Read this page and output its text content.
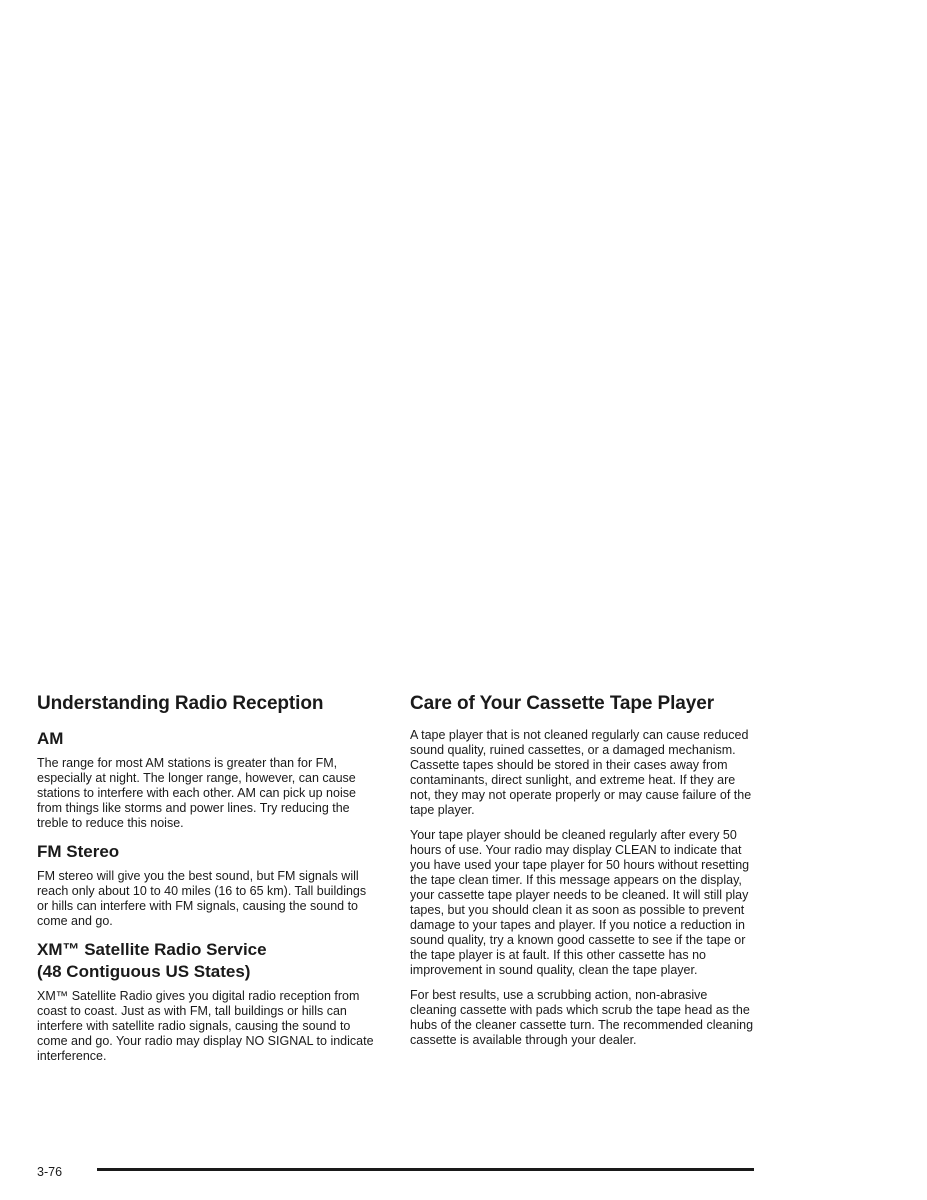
Understanding Radio Reception
AM

The range for most AM stations is greater than for FM, especially at night. The longer range, however, can cause stations to interfere with each other. AM can pick up noise from things like storms and power lines. Try reducing the treble to reduce this noise.

FM Stereo

FM stereo will give you the best sound, but FM signals will reach only about 10 to 40 miles (16 to 65 km). Tall buildings or hills can interfere with FM signals, causing the sound to come and go.

XM™ Satellite Radio Service
(48 Contiguous US States)

XM™ Satellite Radio gives you digital radio reception from coast to coast. Just as with FM, tall buildings or hills can interfere with satellite radio signals, causing the sound to come and go. Your radio may display NO SIGNAL to indicate interference.

Care of Your Cassette Tape Player

A tape player that is not cleaned regularly can cause reduced sound quality, ruined cassettes, or a damaged mechanism. Cassette tapes should be stored in their cases away from contaminants, direct sunlight, and extreme heat. If they are not, they may not operate properly or may cause failure of the tape player.

Your tape player should be cleaned regularly after every 50 hours of use. Your radio may display CLEAN to indicate that you have used your tape player for 50 hours without resetting the tape clean timer. If this message appears on the display, your cassette tape player needs to be cleaned. It will still play tapes, but you should clean it as soon as possible to prevent damage to your tapes and player. If you notice a reduction in sound quality, try a known good cassette to see if the tape or the tape player is at fault. If this other cassette has no improvement in sound quality, clean the tape player.

For best results, use a scrubbing action, non-abrasive cleaning cassette with pads which scrub the tape head as the hubs of the cleaner cassette turn. The recommended cleaning cassette is available through your dealer.

3-76
